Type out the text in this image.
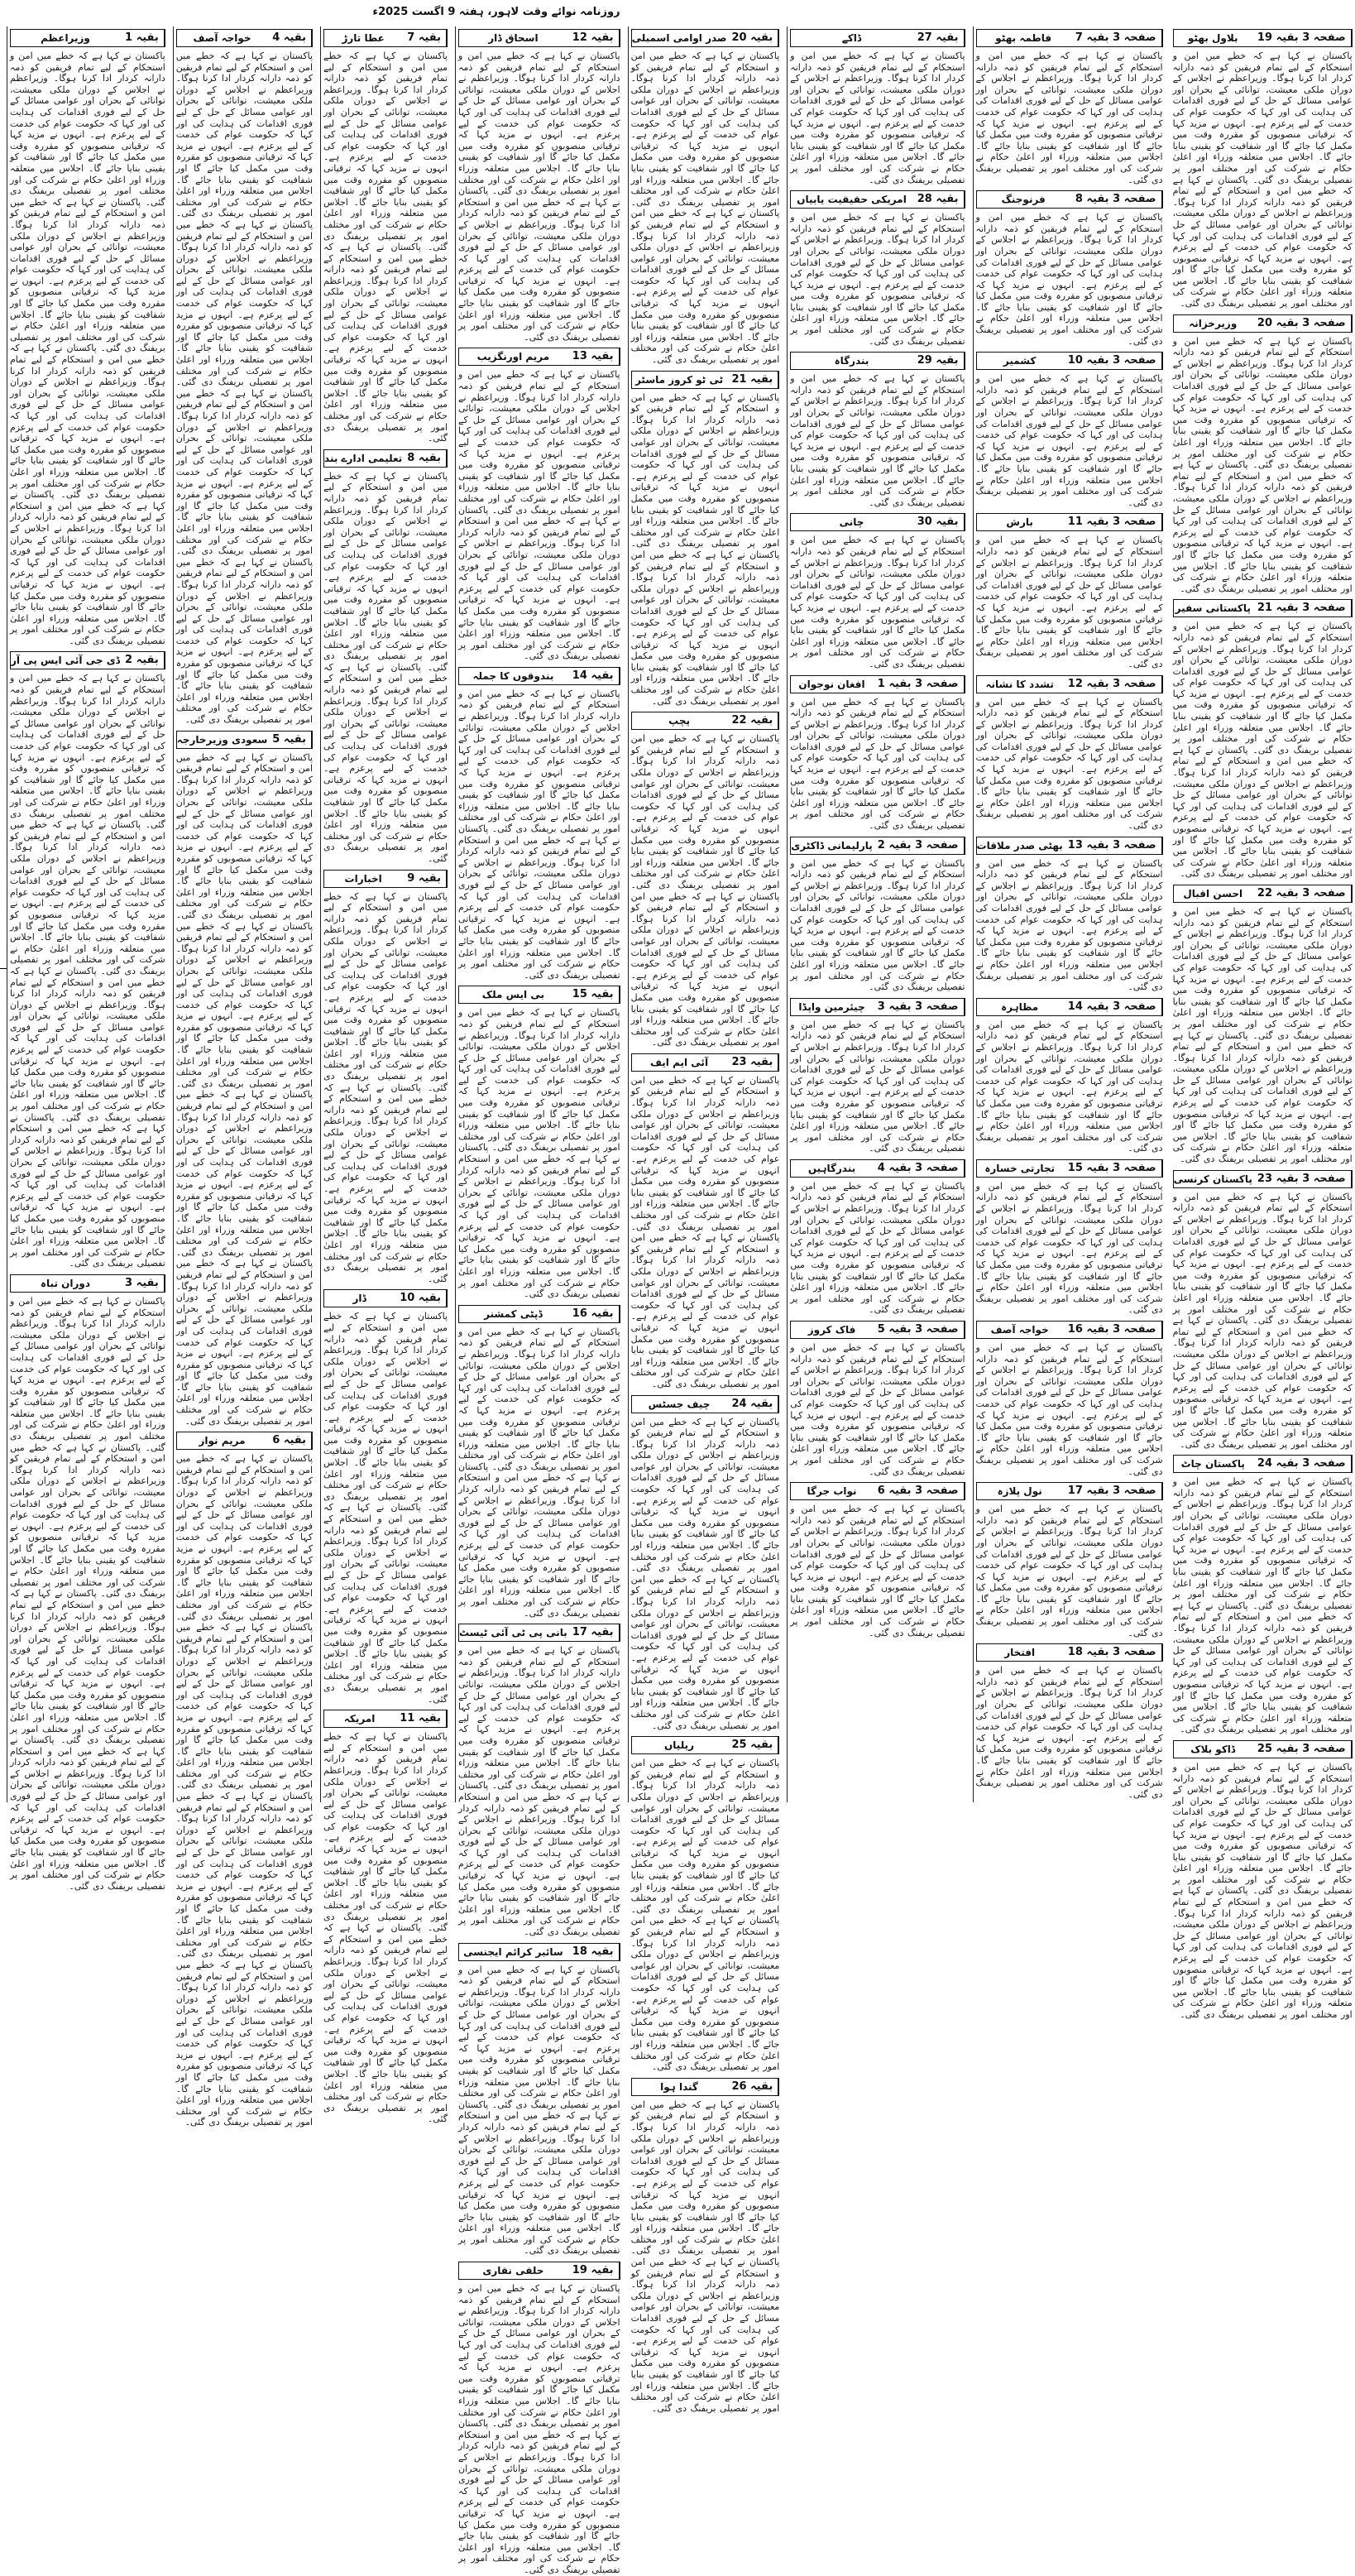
روزنامہ نوائے وقت لاہور، ہفتہ 9 اگست 2025ء
بقیہ 1
وزیراعظم
پاکستان نے کہا ہے کہ خطے میں امن و استحکام کے لیے تمام فریقین کو ذمہ دارانہ کردار ادا کرنا ہوگا۔ وزیراعظم نے اجلاس کے دوران ملکی معیشت، توانائی کے بحران اور عوامی مسائل کے حل کے لیے فوری اقدامات کی ہدایت کی اور کہا کہ حکومت عوام کی خدمت کے لیے پرعزم ہے۔ انہوں نے مزید کہا کہ ترقیاتی منصوبوں کو مقررہ وقت میں مکمل کیا جائے گا اور شفافیت کو یقینی بنایا جائے گا۔ اجلاس میں متعلقہ وزراء اور اعلیٰ حکام نے شرکت کی اور مختلف امور پر تفصیلی بریفنگ دی گئی۔ پاکستان نے کہا ہے کہ خطے میں امن و استحکام کے لیے تمام فریقین کو ذمہ دارانہ کردار ادا کرنا ہوگا۔ وزیراعظم نے اجلاس کے دوران ملکی معیشت، توانائی کے بحران اور عوامی مسائل کے حل کے لیے فوری اقدامات کی ہدایت کی اور کہا کہ حکومت عوام کی خدمت کے لیے پرعزم ہے۔ انہوں نے مزید کہا کہ ترقیاتی منصوبوں کو مقررہ وقت میں مکمل کیا جائے گا اور شفافیت کو یقینی بنایا جائے گا۔ اجلاس میں متعلقہ وزراء اور اعلیٰ حکام نے شرکت کی اور مختلف امور پر تفصیلی بریفنگ دی گئی۔ پاکستان نے کہا ہے کہ خطے میں امن و استحکام کے لیے تمام فریقین کو ذمہ دارانہ کردار ادا کرنا ہوگا۔ وزیراعظم نے اجلاس کے دوران ملکی معیشت، توانائی کے بحران اور عوامی مسائل کے حل کے لیے فوری اقدامات کی ہدایت کی اور کہا کہ حکومت عوام کی خدمت کے لیے پرعزم ہے۔ انہوں نے مزید کہا کہ ترقیاتی منصوبوں کو مقررہ وقت میں مکمل کیا جائے گا اور شفافیت کو یقینی بنایا جائے گا۔ اجلاس میں متعلقہ وزراء اور اعلیٰ حکام نے شرکت کی اور مختلف امور پر تفصیلی بریفنگ دی گئی۔ پاکستان نے کہا ہے کہ خطے میں امن و استحکام کے لیے تمام فریقین کو ذمہ دارانہ کردار ادا کرنا ہوگا۔ وزیراعظم نے اجلاس کے دوران ملکی معیشت، توانائی کے بحران اور عوامی مسائل کے حل کے لیے فوری اقدامات کی ہدایت کی اور کہا کہ حکومت عوام کی خدمت کے لیے پرعزم ہے۔ انہوں نے مزید کہا کہ ترقیاتی منصوبوں کو مقررہ وقت میں مکمل کیا جائے گا اور شفافیت کو یقینی بنایا جائے گا۔ اجلاس میں متعلقہ وزراء اور اعلیٰ حکام نے شرکت کی اور مختلف امور پر تفصیلی بریفنگ دی گئی۔
بقیہ 2
ڈی جی آئی ایس پی آر
پاکستان نے کہا ہے کہ خطے میں امن و استحکام کے لیے تمام فریقین کو ذمہ دارانہ کردار ادا کرنا ہوگا۔ وزیراعظم نے اجلاس کے دوران ملکی معیشت، توانائی کے بحران اور عوامی مسائل کے حل کے لیے فوری اقدامات کی ہدایت کی اور کہا کہ حکومت عوام کی خدمت کے لیے پرعزم ہے۔ انہوں نے مزید کہا کہ ترقیاتی منصوبوں کو مقررہ وقت میں مکمل کیا جائے گا اور شفافیت کو یقینی بنایا جائے گا۔ اجلاس میں متعلقہ وزراء اور اعلیٰ حکام نے شرکت کی اور مختلف امور پر تفصیلی بریفنگ دی گئی۔ پاکستان نے کہا ہے کہ خطے میں امن و استحکام کے لیے تمام فریقین کو ذمہ دارانہ کردار ادا کرنا ہوگا۔ وزیراعظم نے اجلاس کے دوران ملکی معیشت، توانائی کے بحران اور عوامی مسائل کے حل کے لیے فوری اقدامات کی ہدایت کی اور کہا کہ حکومت عوام کی خدمت کے لیے پرعزم ہے۔ انہوں نے مزید کہا کہ ترقیاتی منصوبوں کو مقررہ وقت میں مکمل کیا جائے گا اور شفافیت کو یقینی بنایا جائے گا۔ اجلاس میں متعلقہ وزراء اور اعلیٰ حکام نے شرکت کی اور مختلف امور پر تفصیلی بریفنگ دی گئی۔ پاکستان نے کہا ہے کہ خطے میں امن و استحکام کے لیے تمام فریقین کو ذمہ دارانہ کردار ادا کرنا ہوگا۔ وزیراعظم نے اجلاس کے دوران ملکی معیشت، توانائی کے بحران اور عوامی مسائل کے حل کے لیے فوری اقدامات کی ہدایت کی اور کہا کہ حکومت عوام کی خدمت کے لیے پرعزم ہے۔ انہوں نے مزید کہا کہ ترقیاتی منصوبوں کو مقررہ وقت میں مکمل کیا جائے گا اور شفافیت کو یقینی بنایا جائے گا۔ اجلاس میں متعلقہ وزراء اور اعلیٰ حکام نے شرکت کی اور مختلف امور پر تفصیلی بریفنگ دی گئی۔ پاکستان نے کہا ہے کہ خطے میں امن و استحکام کے لیے تمام فریقین کو ذمہ دارانہ کردار ادا کرنا ہوگا۔ وزیراعظم نے اجلاس کے دوران ملکی معیشت، توانائی کے بحران اور عوامی مسائل کے حل کے لیے فوری اقدامات کی ہدایت کی اور کہا کہ حکومت عوام کی خدمت کے لیے پرعزم ہے۔ انہوں نے مزید کہا کہ ترقیاتی منصوبوں کو مقررہ وقت میں مکمل کیا جائے گا اور شفافیت کو یقینی بنایا جائے گا۔ اجلاس میں متعلقہ وزراء اور اعلیٰ حکام نے شرکت کی اور مختلف امور پر تفصیلی بریفنگ دی گئی۔
بقیہ 3
دوران تباہ
پاکستان نے کہا ہے کہ خطے میں امن و استحکام کے لیے تمام فریقین کو ذمہ دارانہ کردار ادا کرنا ہوگا۔ وزیراعظم نے اجلاس کے دوران ملکی معیشت، توانائی کے بحران اور عوامی مسائل کے حل کے لیے فوری اقدامات کی ہدایت کی اور کہا کہ حکومت عوام کی خدمت کے لیے پرعزم ہے۔ انہوں نے مزید کہا کہ ترقیاتی منصوبوں کو مقررہ وقت میں مکمل کیا جائے گا اور شفافیت کو یقینی بنایا جائے گا۔ اجلاس میں متعلقہ وزراء اور اعلیٰ حکام نے شرکت کی اور مختلف امور پر تفصیلی بریفنگ دی گئی۔ پاکستان نے کہا ہے کہ خطے میں امن و استحکام کے لیے تمام فریقین کو ذمہ دارانہ کردار ادا کرنا ہوگا۔ وزیراعظم نے اجلاس کے دوران ملکی معیشت، توانائی کے بحران اور عوامی مسائل کے حل کے لیے فوری اقدامات کی ہدایت کی اور کہا کہ حکومت عوام کی خدمت کے لیے پرعزم ہے۔ انہوں نے مزید کہا کہ ترقیاتی منصوبوں کو مقررہ وقت میں مکمل کیا جائے گا اور شفافیت کو یقینی بنایا جائے گا۔ اجلاس میں متعلقہ وزراء اور اعلیٰ حکام نے شرکت کی اور مختلف امور پر تفصیلی بریفنگ دی گئی۔ پاکستان نے کہا ہے کہ خطے میں امن و استحکام کے لیے تمام فریقین کو ذمہ دارانہ کردار ادا کرنا ہوگا۔ وزیراعظم نے اجلاس کے دوران ملکی معیشت، توانائی کے بحران اور عوامی مسائل کے حل کے لیے فوری اقدامات کی ہدایت کی اور کہا کہ حکومت عوام کی خدمت کے لیے پرعزم ہے۔ انہوں نے مزید کہا کہ ترقیاتی منصوبوں کو مقررہ وقت میں مکمل کیا جائے گا اور شفافیت کو یقینی بنایا جائے گا۔ اجلاس میں متعلقہ وزراء اور اعلیٰ حکام نے شرکت کی اور مختلف امور پر تفصیلی بریفنگ دی گئی۔ پاکستان نے کہا ہے کہ خطے میں امن و استحکام کے لیے تمام فریقین کو ذمہ دارانہ کردار ادا کرنا ہوگا۔ وزیراعظم نے اجلاس کے دوران ملکی معیشت، توانائی کے بحران اور عوامی مسائل کے حل کے لیے فوری اقدامات کی ہدایت کی اور کہا کہ حکومت عوام کی خدمت کے لیے پرعزم ہے۔ انہوں نے مزید کہا کہ ترقیاتی منصوبوں کو مقررہ وقت میں مکمل کیا جائے گا اور شفافیت کو یقینی بنایا جائے گا۔ اجلاس میں متعلقہ وزراء اور اعلیٰ حکام نے شرکت کی اور مختلف امور پر تفصیلی بریفنگ دی گئی۔
بقیہ 4
خواجہ آصف
پاکستان نے کہا ہے کہ خطے میں امن و استحکام کے لیے تمام فریقین کو ذمہ دارانہ کردار ادا کرنا ہوگا۔ وزیراعظم نے اجلاس کے دوران ملکی معیشت، توانائی کے بحران اور عوامی مسائل کے حل کے لیے فوری اقدامات کی ہدایت کی اور کہا کہ حکومت عوام کی خدمت کے لیے پرعزم ہے۔ انہوں نے مزید کہا کہ ترقیاتی منصوبوں کو مقررہ وقت میں مکمل کیا جائے گا اور شفافیت کو یقینی بنایا جائے گا۔ اجلاس میں متعلقہ وزراء اور اعلیٰ حکام نے شرکت کی اور مختلف امور پر تفصیلی بریفنگ دی گئی۔ پاکستان نے کہا ہے کہ خطے میں امن و استحکام کے لیے تمام فریقین کو ذمہ دارانہ کردار ادا کرنا ہوگا۔ وزیراعظم نے اجلاس کے دوران ملکی معیشت، توانائی کے بحران اور عوامی مسائل کے حل کے لیے فوری اقدامات کی ہدایت کی اور کہا کہ حکومت عوام کی خدمت کے لیے پرعزم ہے۔ انہوں نے مزید کہا کہ ترقیاتی منصوبوں کو مقررہ وقت میں مکمل کیا جائے گا اور شفافیت کو یقینی بنایا جائے گا۔ اجلاس میں متعلقہ وزراء اور اعلیٰ حکام نے شرکت کی اور مختلف امور پر تفصیلی بریفنگ دی گئی۔ پاکستان نے کہا ہے کہ خطے میں امن و استحکام کے لیے تمام فریقین کو ذمہ دارانہ کردار ادا کرنا ہوگا۔ وزیراعظم نے اجلاس کے دوران ملکی معیشت، توانائی کے بحران اور عوامی مسائل کے حل کے لیے فوری اقدامات کی ہدایت کی اور کہا کہ حکومت عوام کی خدمت کے لیے پرعزم ہے۔ انہوں نے مزید کہا کہ ترقیاتی منصوبوں کو مقررہ وقت میں مکمل کیا جائے گا اور شفافیت کو یقینی بنایا جائے گا۔ اجلاس میں متعلقہ وزراء اور اعلیٰ حکام نے شرکت کی اور مختلف امور پر تفصیلی بریفنگ دی گئی۔ پاکستان نے کہا ہے کہ خطے میں امن و استحکام کے لیے تمام فریقین کو ذمہ دارانہ کردار ادا کرنا ہوگا۔ وزیراعظم نے اجلاس کے دوران ملکی معیشت، توانائی کے بحران اور عوامی مسائل کے حل کے لیے فوری اقدامات کی ہدایت کی اور کہا کہ حکومت عوام کی خدمت کے لیے پرعزم ہے۔ انہوں نے مزید کہا کہ ترقیاتی منصوبوں کو مقررہ وقت میں مکمل کیا جائے گا اور شفافیت کو یقینی بنایا جائے گا۔ اجلاس میں متعلقہ وزراء اور اعلیٰ حکام نے شرکت کی اور مختلف امور پر تفصیلی بریفنگ دی گئی۔
بقیہ 5
سعودی وزیرخارجہ
پاکستان نے کہا ہے کہ خطے میں امن و استحکام کے لیے تمام فریقین کو ذمہ دارانہ کردار ادا کرنا ہوگا۔ وزیراعظم نے اجلاس کے دوران ملکی معیشت، توانائی کے بحران اور عوامی مسائل کے حل کے لیے فوری اقدامات کی ہدایت کی اور کہا کہ حکومت عوام کی خدمت کے لیے پرعزم ہے۔ انہوں نے مزید کہا کہ ترقیاتی منصوبوں کو مقررہ وقت میں مکمل کیا جائے گا اور شفافیت کو یقینی بنایا جائے گا۔ اجلاس میں متعلقہ وزراء اور اعلیٰ حکام نے شرکت کی اور مختلف امور پر تفصیلی بریفنگ دی گئی۔ پاکستان نے کہا ہے کہ خطے میں امن و استحکام کے لیے تمام فریقین کو ذمہ دارانہ کردار ادا کرنا ہوگا۔ وزیراعظم نے اجلاس کے دوران ملکی معیشت، توانائی کے بحران اور عوامی مسائل کے حل کے لیے فوری اقدامات کی ہدایت کی اور کہا کہ حکومت عوام کی خدمت کے لیے پرعزم ہے۔ انہوں نے مزید کہا کہ ترقیاتی منصوبوں کو مقررہ وقت میں مکمل کیا جائے گا اور شفافیت کو یقینی بنایا جائے گا۔ اجلاس میں متعلقہ وزراء اور اعلیٰ حکام نے شرکت کی اور مختلف امور پر تفصیلی بریفنگ دی گئی۔ پاکستان نے کہا ہے کہ خطے میں امن و استحکام کے لیے تمام فریقین کو ذمہ دارانہ کردار ادا کرنا ہوگا۔ وزیراعظم نے اجلاس کے دوران ملکی معیشت، توانائی کے بحران اور عوامی مسائل کے حل کے لیے فوری اقدامات کی ہدایت کی اور کہا کہ حکومت عوام کی خدمت کے لیے پرعزم ہے۔ انہوں نے مزید کہا کہ ترقیاتی منصوبوں کو مقررہ وقت میں مکمل کیا جائے گا اور شفافیت کو یقینی بنایا جائے گا۔ اجلاس میں متعلقہ وزراء اور اعلیٰ حکام نے شرکت کی اور مختلف امور پر تفصیلی بریفنگ دی گئی۔ پاکستان نے کہا ہے کہ خطے میں امن و استحکام کے لیے تمام فریقین کو ذمہ دارانہ کردار ادا کرنا ہوگا۔ وزیراعظم نے اجلاس کے دوران ملکی معیشت، توانائی کے بحران اور عوامی مسائل کے حل کے لیے فوری اقدامات کی ہدایت کی اور کہا کہ حکومت عوام کی خدمت کے لیے پرعزم ہے۔ انہوں نے مزید کہا کہ ترقیاتی منصوبوں کو مقررہ وقت میں مکمل کیا جائے گا اور شفافیت کو یقینی بنایا جائے گا۔ اجلاس میں متعلقہ وزراء اور اعلیٰ حکام نے شرکت کی اور مختلف امور پر تفصیلی بریفنگ دی گئی۔
بقیہ 6
مریم نواز
پاکستان نے کہا ہے کہ خطے میں امن و استحکام کے لیے تمام فریقین کو ذمہ دارانہ کردار ادا کرنا ہوگا۔ وزیراعظم نے اجلاس کے دوران ملکی معیشت، توانائی کے بحران اور عوامی مسائل کے حل کے لیے فوری اقدامات کی ہدایت کی اور کہا کہ حکومت عوام کی خدمت کے لیے پرعزم ہے۔ انہوں نے مزید کہا کہ ترقیاتی منصوبوں کو مقررہ وقت میں مکمل کیا جائے گا اور شفافیت کو یقینی بنایا جائے گا۔ اجلاس میں متعلقہ وزراء اور اعلیٰ حکام نے شرکت کی اور مختلف امور پر تفصیلی بریفنگ دی گئی۔ پاکستان نے کہا ہے کہ خطے میں امن و استحکام کے لیے تمام فریقین کو ذمہ دارانہ کردار ادا کرنا ہوگا۔ وزیراعظم نے اجلاس کے دوران ملکی معیشت، توانائی کے بحران اور عوامی مسائل کے حل کے لیے فوری اقدامات کی ہدایت کی اور کہا کہ حکومت عوام کی خدمت کے لیے پرعزم ہے۔ انہوں نے مزید کہا کہ ترقیاتی منصوبوں کو مقررہ وقت میں مکمل کیا جائے گا اور شفافیت کو یقینی بنایا جائے گا۔ اجلاس میں متعلقہ وزراء اور اعلیٰ حکام نے شرکت کی اور مختلف امور پر تفصیلی بریفنگ دی گئی۔ پاکستان نے کہا ہے کہ خطے میں امن و استحکام کے لیے تمام فریقین کو ذمہ دارانہ کردار ادا کرنا ہوگا۔ وزیراعظم نے اجلاس کے دوران ملکی معیشت، توانائی کے بحران اور عوامی مسائل کے حل کے لیے فوری اقدامات کی ہدایت کی اور کہا کہ حکومت عوام کی خدمت کے لیے پرعزم ہے۔ انہوں نے مزید کہا کہ ترقیاتی منصوبوں کو مقررہ وقت میں مکمل کیا جائے گا اور شفافیت کو یقینی بنایا جائے گا۔ اجلاس میں متعلقہ وزراء اور اعلیٰ حکام نے شرکت کی اور مختلف امور پر تفصیلی بریفنگ دی گئی۔ پاکستان نے کہا ہے کہ خطے میں امن و استحکام کے لیے تمام فریقین کو ذمہ دارانہ کردار ادا کرنا ہوگا۔ وزیراعظم نے اجلاس کے دوران ملکی معیشت، توانائی کے بحران اور عوامی مسائل کے حل کے لیے فوری اقدامات کی ہدایت کی اور کہا کہ حکومت عوام کی خدمت کے لیے پرعزم ہے۔ انہوں نے مزید کہا کہ ترقیاتی منصوبوں کو مقررہ وقت میں مکمل کیا جائے گا اور شفافیت کو یقینی بنایا جائے گا۔ اجلاس میں متعلقہ وزراء اور اعلیٰ حکام نے شرکت کی اور مختلف امور پر تفصیلی بریفنگ دی گئی۔
بقیہ 7
عطا تارڑ
پاکستان نے کہا ہے کہ خطے میں امن و استحکام کے لیے تمام فریقین کو ذمہ دارانہ کردار ادا کرنا ہوگا۔ وزیراعظم نے اجلاس کے دوران ملکی معیشت، توانائی کے بحران اور عوامی مسائل کے حل کے لیے فوری اقدامات کی ہدایت کی اور کہا کہ حکومت عوام کی خدمت کے لیے پرعزم ہے۔ انہوں نے مزید کہا کہ ترقیاتی منصوبوں کو مقررہ وقت میں مکمل کیا جائے گا اور شفافیت کو یقینی بنایا جائے گا۔ اجلاس میں متعلقہ وزراء اور اعلیٰ حکام نے شرکت کی اور مختلف امور پر تفصیلی بریفنگ دی گئی۔ پاکستان نے کہا ہے کہ خطے میں امن و استحکام کے لیے تمام فریقین کو ذمہ دارانہ کردار ادا کرنا ہوگا۔ وزیراعظم نے اجلاس کے دوران ملکی معیشت، توانائی کے بحران اور عوامی مسائل کے حل کے لیے فوری اقدامات کی ہدایت کی اور کہا کہ حکومت عوام کی خدمت کے لیے پرعزم ہے۔ انہوں نے مزید کہا کہ ترقیاتی منصوبوں کو مقررہ وقت میں مکمل کیا جائے گا اور شفافیت کو یقینی بنایا جائے گا۔ اجلاس میں متعلقہ وزراء اور اعلیٰ حکام نے شرکت کی اور مختلف امور پر تفصیلی بریفنگ دی گئی۔
بقیہ 8
تعلیمی ادارے بند
پاکستان نے کہا ہے کہ خطے میں امن و استحکام کے لیے تمام فریقین کو ذمہ دارانہ کردار ادا کرنا ہوگا۔ وزیراعظم نے اجلاس کے دوران ملکی معیشت، توانائی کے بحران اور عوامی مسائل کے حل کے لیے فوری اقدامات کی ہدایت کی اور کہا کہ حکومت عوام کی خدمت کے لیے پرعزم ہے۔ انہوں نے مزید کہا کہ ترقیاتی منصوبوں کو مقررہ وقت میں مکمل کیا جائے گا اور شفافیت کو یقینی بنایا جائے گا۔ اجلاس میں متعلقہ وزراء اور اعلیٰ حکام نے شرکت کی اور مختلف امور پر تفصیلی بریفنگ دی گئی۔ پاکستان نے کہا ہے کہ خطے میں امن و استحکام کے لیے تمام فریقین کو ذمہ دارانہ کردار ادا کرنا ہوگا۔ وزیراعظم نے اجلاس کے دوران ملکی معیشت، توانائی کے بحران اور عوامی مسائل کے حل کے لیے فوری اقدامات کی ہدایت کی اور کہا کہ حکومت عوام کی خدمت کے لیے پرعزم ہے۔ انہوں نے مزید کہا کہ ترقیاتی منصوبوں کو مقررہ وقت میں مکمل کیا جائے گا اور شفافیت کو یقینی بنایا جائے گا۔ اجلاس میں متعلقہ وزراء اور اعلیٰ حکام نے شرکت کی اور مختلف امور پر تفصیلی بریفنگ دی گئی۔
بقیہ 9
اخبارات
پاکستان نے کہا ہے کہ خطے میں امن و استحکام کے لیے تمام فریقین کو ذمہ دارانہ کردار ادا کرنا ہوگا۔ وزیراعظم نے اجلاس کے دوران ملکی معیشت، توانائی کے بحران اور عوامی مسائل کے حل کے لیے فوری اقدامات کی ہدایت کی اور کہا کہ حکومت عوام کی خدمت کے لیے پرعزم ہے۔ انہوں نے مزید کہا کہ ترقیاتی منصوبوں کو مقررہ وقت میں مکمل کیا جائے گا اور شفافیت کو یقینی بنایا جائے گا۔ اجلاس میں متعلقہ وزراء اور اعلیٰ حکام نے شرکت کی اور مختلف امور پر تفصیلی بریفنگ دی گئی۔ پاکستان نے کہا ہے کہ خطے میں امن و استحکام کے لیے تمام فریقین کو ذمہ دارانہ کردار ادا کرنا ہوگا۔ وزیراعظم نے اجلاس کے دوران ملکی معیشت، توانائی کے بحران اور عوامی مسائل کے حل کے لیے فوری اقدامات کی ہدایت کی اور کہا کہ حکومت عوام کی خدمت کے لیے پرعزم ہے۔ انہوں نے مزید کہا کہ ترقیاتی منصوبوں کو مقررہ وقت میں مکمل کیا جائے گا اور شفافیت کو یقینی بنایا جائے گا۔ اجلاس میں متعلقہ وزراء اور اعلیٰ حکام نے شرکت کی اور مختلف امور پر تفصیلی بریفنگ دی گئی۔
بقیہ 10
ڈار
پاکستان نے کہا ہے کہ خطے میں امن و استحکام کے لیے تمام فریقین کو ذمہ دارانہ کردار ادا کرنا ہوگا۔ وزیراعظم نے اجلاس کے دوران ملکی معیشت، توانائی کے بحران اور عوامی مسائل کے حل کے لیے فوری اقدامات کی ہدایت کی اور کہا کہ حکومت عوام کی خدمت کے لیے پرعزم ہے۔ انہوں نے مزید کہا کہ ترقیاتی منصوبوں کو مقررہ وقت میں مکمل کیا جائے گا اور شفافیت کو یقینی بنایا جائے گا۔ اجلاس میں متعلقہ وزراء اور اعلیٰ حکام نے شرکت کی اور مختلف امور پر تفصیلی بریفنگ دی گئی۔ پاکستان نے کہا ہے کہ خطے میں امن و استحکام کے لیے تمام فریقین کو ذمہ دارانہ کردار ادا کرنا ہوگا۔ وزیراعظم نے اجلاس کے دوران ملکی معیشت، توانائی کے بحران اور عوامی مسائل کے حل کے لیے فوری اقدامات کی ہدایت کی اور کہا کہ حکومت عوام کی خدمت کے لیے پرعزم ہے۔ انہوں نے مزید کہا کہ ترقیاتی منصوبوں کو مقررہ وقت میں مکمل کیا جائے گا اور شفافیت کو یقینی بنایا جائے گا۔ اجلاس میں متعلقہ وزراء اور اعلیٰ حکام نے شرکت کی اور مختلف امور پر تفصیلی بریفنگ دی گئی۔
بقیہ 11
امریکہ
پاکستان نے کہا ہے کہ خطے میں امن و استحکام کے لیے تمام فریقین کو ذمہ دارانہ کردار ادا کرنا ہوگا۔ وزیراعظم نے اجلاس کے دوران ملکی معیشت، توانائی کے بحران اور عوامی مسائل کے حل کے لیے فوری اقدامات کی ہدایت کی اور کہا کہ حکومت عوام کی خدمت کے لیے پرعزم ہے۔ انہوں نے مزید کہا کہ ترقیاتی منصوبوں کو مقررہ وقت میں مکمل کیا جائے گا اور شفافیت کو یقینی بنایا جائے گا۔ اجلاس میں متعلقہ وزراء اور اعلیٰ حکام نے شرکت کی اور مختلف امور پر تفصیلی بریفنگ دی گئی۔ پاکستان نے کہا ہے کہ خطے میں امن و استحکام کے لیے تمام فریقین کو ذمہ دارانہ کردار ادا کرنا ہوگا۔ وزیراعظم نے اجلاس کے دوران ملکی معیشت، توانائی کے بحران اور عوامی مسائل کے حل کے لیے فوری اقدامات کی ہدایت کی اور کہا کہ حکومت عوام کی خدمت کے لیے پرعزم ہے۔ انہوں نے مزید کہا کہ ترقیاتی منصوبوں کو مقررہ وقت میں مکمل کیا جائے گا اور شفافیت کو یقینی بنایا جائے گا۔ اجلاس میں متعلقہ وزراء اور اعلیٰ حکام نے شرکت کی اور مختلف امور پر تفصیلی بریفنگ دی گئی۔
بقیہ 12
اسحاق ڈار
پاکستان نے کہا ہے کہ خطے میں امن و استحکام کے لیے تمام فریقین کو ذمہ دارانہ کردار ادا کرنا ہوگا۔ وزیراعظم نے اجلاس کے دوران ملکی معیشت، توانائی کے بحران اور عوامی مسائل کے حل کے لیے فوری اقدامات کی ہدایت کی اور کہا کہ حکومت عوام کی خدمت کے لیے پرعزم ہے۔ انہوں نے مزید کہا کہ ترقیاتی منصوبوں کو مقررہ وقت میں مکمل کیا جائے گا اور شفافیت کو یقینی بنایا جائے گا۔ اجلاس میں متعلقہ وزراء اور اعلیٰ حکام نے شرکت کی اور مختلف امور پر تفصیلی بریفنگ دی گئی۔ پاکستان نے کہا ہے کہ خطے میں امن و استحکام کے لیے تمام فریقین کو ذمہ دارانہ کردار ادا کرنا ہوگا۔ وزیراعظم نے اجلاس کے دوران ملکی معیشت، توانائی کے بحران اور عوامی مسائل کے حل کے لیے فوری اقدامات کی ہدایت کی اور کہا کہ حکومت عوام کی خدمت کے لیے پرعزم ہے۔ انہوں نے مزید کہا کہ ترقیاتی منصوبوں کو مقررہ وقت میں مکمل کیا جائے گا اور شفافیت کو یقینی بنایا جائے گا۔ اجلاس میں متعلقہ وزراء اور اعلیٰ حکام نے شرکت کی اور مختلف امور پر تفصیلی بریفنگ دی گئی۔
بقیہ 13
مریم اورنگزیب
پاکستان نے کہا ہے کہ خطے میں امن و استحکام کے لیے تمام فریقین کو ذمہ دارانہ کردار ادا کرنا ہوگا۔ وزیراعظم نے اجلاس کے دوران ملکی معیشت، توانائی کے بحران اور عوامی مسائل کے حل کے لیے فوری اقدامات کی ہدایت کی اور کہا کہ حکومت عوام کی خدمت کے لیے پرعزم ہے۔ انہوں نے مزید کہا کہ ترقیاتی منصوبوں کو مقررہ وقت میں مکمل کیا جائے گا اور شفافیت کو یقینی بنایا جائے گا۔ اجلاس میں متعلقہ وزراء اور اعلیٰ حکام نے شرکت کی اور مختلف امور پر تفصیلی بریفنگ دی گئی۔ پاکستان نے کہا ہے کہ خطے میں امن و استحکام کے لیے تمام فریقین کو ذمہ دارانہ کردار ادا کرنا ہوگا۔ وزیراعظم نے اجلاس کے دوران ملکی معیشت، توانائی کے بحران اور عوامی مسائل کے حل کے لیے فوری اقدامات کی ہدایت کی اور کہا کہ حکومت عوام کی خدمت کے لیے پرعزم ہے۔ انہوں نے مزید کہا کہ ترقیاتی منصوبوں کو مقررہ وقت میں مکمل کیا جائے گا اور شفافیت کو یقینی بنایا جائے گا۔ اجلاس میں متعلقہ وزراء اور اعلیٰ حکام نے شرکت کی اور مختلف امور پر تفصیلی بریفنگ دی گئی۔
بقیہ 14
بندوقوں کا جملہ
پاکستان نے کہا ہے کہ خطے میں امن و استحکام کے لیے تمام فریقین کو ذمہ دارانہ کردار ادا کرنا ہوگا۔ وزیراعظم نے اجلاس کے دوران ملکی معیشت، توانائی کے بحران اور عوامی مسائل کے حل کے لیے فوری اقدامات کی ہدایت کی اور کہا کہ حکومت عوام کی خدمت کے لیے پرعزم ہے۔ انہوں نے مزید کہا کہ ترقیاتی منصوبوں کو مقررہ وقت میں مکمل کیا جائے گا اور شفافیت کو یقینی بنایا جائے گا۔ اجلاس میں متعلقہ وزراء اور اعلیٰ حکام نے شرکت کی اور مختلف امور پر تفصیلی بریفنگ دی گئی۔ پاکستان نے کہا ہے کہ خطے میں امن و استحکام کے لیے تمام فریقین کو ذمہ دارانہ کردار ادا کرنا ہوگا۔ وزیراعظم نے اجلاس کے دوران ملکی معیشت، توانائی کے بحران اور عوامی مسائل کے حل کے لیے فوری اقدامات کی ہدایت کی اور کہا کہ حکومت عوام کی خدمت کے لیے پرعزم ہے۔ انہوں نے مزید کہا کہ ترقیاتی منصوبوں کو مقررہ وقت میں مکمل کیا جائے گا اور شفافیت کو یقینی بنایا جائے گا۔ اجلاس میں متعلقہ وزراء اور اعلیٰ حکام نے شرکت کی اور مختلف امور پر تفصیلی بریفنگ دی گئی۔
بقیہ 15
بی ایس ملک
پاکستان نے کہا ہے کہ خطے میں امن و استحکام کے لیے تمام فریقین کو ذمہ دارانہ کردار ادا کرنا ہوگا۔ وزیراعظم نے اجلاس کے دوران ملکی معیشت، توانائی کے بحران اور عوامی مسائل کے حل کے لیے فوری اقدامات کی ہدایت کی اور کہا کہ حکومت عوام کی خدمت کے لیے پرعزم ہے۔ انہوں نے مزید کہا کہ ترقیاتی منصوبوں کو مقررہ وقت میں مکمل کیا جائے گا اور شفافیت کو یقینی بنایا جائے گا۔ اجلاس میں متعلقہ وزراء اور اعلیٰ حکام نے شرکت کی اور مختلف امور پر تفصیلی بریفنگ دی گئی۔ پاکستان نے کہا ہے کہ خطے میں امن و استحکام کے لیے تمام فریقین کو ذمہ دارانہ کردار ادا کرنا ہوگا۔ وزیراعظم نے اجلاس کے دوران ملکی معیشت، توانائی کے بحران اور عوامی مسائل کے حل کے لیے فوری اقدامات کی ہدایت کی اور کہا کہ حکومت عوام کی خدمت کے لیے پرعزم ہے۔ انہوں نے مزید کہا کہ ترقیاتی منصوبوں کو مقررہ وقت میں مکمل کیا جائے گا اور شفافیت کو یقینی بنایا جائے گا۔ اجلاس میں متعلقہ وزراء اور اعلیٰ حکام نے شرکت کی اور مختلف امور پر تفصیلی بریفنگ دی گئی۔
بقیہ 16
ڈپٹی کمشنر
پاکستان نے کہا ہے کہ خطے میں امن و استحکام کے لیے تمام فریقین کو ذمہ دارانہ کردار ادا کرنا ہوگا۔ وزیراعظم نے اجلاس کے دوران ملکی معیشت، توانائی کے بحران اور عوامی مسائل کے حل کے لیے فوری اقدامات کی ہدایت کی اور کہا کہ حکومت عوام کی خدمت کے لیے پرعزم ہے۔ انہوں نے مزید کہا کہ ترقیاتی منصوبوں کو مقررہ وقت میں مکمل کیا جائے گا اور شفافیت کو یقینی بنایا جائے گا۔ اجلاس میں متعلقہ وزراء اور اعلیٰ حکام نے شرکت کی اور مختلف امور پر تفصیلی بریفنگ دی گئی۔ پاکستان نے کہا ہے کہ خطے میں امن و استحکام کے لیے تمام فریقین کو ذمہ دارانہ کردار ادا کرنا ہوگا۔ وزیراعظم نے اجلاس کے دوران ملکی معیشت، توانائی کے بحران اور عوامی مسائل کے حل کے لیے فوری اقدامات کی ہدایت کی اور کہا کہ حکومت عوام کی خدمت کے لیے پرعزم ہے۔ انہوں نے مزید کہا کہ ترقیاتی منصوبوں کو مقررہ وقت میں مکمل کیا جائے گا اور شفافیت کو یقینی بنایا جائے گا۔ اجلاس میں متعلقہ وزراء اور اعلیٰ حکام نے شرکت کی اور مختلف امور پر تفصیلی بریفنگ دی گئی۔
بقیہ 17
بانی پی ٹی آئی ٹیسٹ
پاکستان نے کہا ہے کہ خطے میں امن و استحکام کے لیے تمام فریقین کو ذمہ دارانہ کردار ادا کرنا ہوگا۔ وزیراعظم نے اجلاس کے دوران ملکی معیشت، توانائی کے بحران اور عوامی مسائل کے حل کے لیے فوری اقدامات کی ہدایت کی اور کہا کہ حکومت عوام کی خدمت کے لیے پرعزم ہے۔ انہوں نے مزید کہا کہ ترقیاتی منصوبوں کو مقررہ وقت میں مکمل کیا جائے گا اور شفافیت کو یقینی بنایا جائے گا۔ اجلاس میں متعلقہ وزراء اور اعلیٰ حکام نے شرکت کی اور مختلف امور پر تفصیلی بریفنگ دی گئی۔ پاکستان نے کہا ہے کہ خطے میں امن و استحکام کے لیے تمام فریقین کو ذمہ دارانہ کردار ادا کرنا ہوگا۔ وزیراعظم نے اجلاس کے دوران ملکی معیشت، توانائی کے بحران اور عوامی مسائل کے حل کے لیے فوری اقدامات کی ہدایت کی اور کہا کہ حکومت عوام کی خدمت کے لیے پرعزم ہے۔ انہوں نے مزید کہا کہ ترقیاتی منصوبوں کو مقررہ وقت میں مکمل کیا جائے گا اور شفافیت کو یقینی بنایا جائے گا۔ اجلاس میں متعلقہ وزراء اور اعلیٰ حکام نے شرکت کی اور مختلف امور پر تفصیلی بریفنگ دی گئی۔
بقیہ 18
سائبر کرائم ایجنسی
پاکستان نے کہا ہے کہ خطے میں امن و استحکام کے لیے تمام فریقین کو ذمہ دارانہ کردار ادا کرنا ہوگا۔ وزیراعظم نے اجلاس کے دوران ملکی معیشت، توانائی کے بحران اور عوامی مسائل کے حل کے لیے فوری اقدامات کی ہدایت کی اور کہا کہ حکومت عوام کی خدمت کے لیے پرعزم ہے۔ انہوں نے مزید کہا کہ ترقیاتی منصوبوں کو مقررہ وقت میں مکمل کیا جائے گا اور شفافیت کو یقینی بنایا جائے گا۔ اجلاس میں متعلقہ وزراء اور اعلیٰ حکام نے شرکت کی اور مختلف امور پر تفصیلی بریفنگ دی گئی۔ پاکستان نے کہا ہے کہ خطے میں امن و استحکام کے لیے تمام فریقین کو ذمہ دارانہ کردار ادا کرنا ہوگا۔ وزیراعظم نے اجلاس کے دوران ملکی معیشت، توانائی کے بحران اور عوامی مسائل کے حل کے لیے فوری اقدامات کی ہدایت کی اور کہا کہ حکومت عوام کی خدمت کے لیے پرعزم ہے۔ انہوں نے مزید کہا کہ ترقیاتی منصوبوں کو مقررہ وقت میں مکمل کیا جائے گا اور شفافیت کو یقینی بنایا جائے گا۔ اجلاس میں متعلقہ وزراء اور اعلیٰ حکام نے شرکت کی اور مختلف امور پر تفصیلی بریفنگ دی گئی۔
بقیہ 19
حلقی نقاری
پاکستان نے کہا ہے کہ خطے میں امن و استحکام کے لیے تمام فریقین کو ذمہ دارانہ کردار ادا کرنا ہوگا۔ وزیراعظم نے اجلاس کے دوران ملکی معیشت، توانائی کے بحران اور عوامی مسائل کے حل کے لیے فوری اقدامات کی ہدایت کی اور کہا کہ حکومت عوام کی خدمت کے لیے پرعزم ہے۔ انہوں نے مزید کہا کہ ترقیاتی منصوبوں کو مقررہ وقت میں مکمل کیا جائے گا اور شفافیت کو یقینی بنایا جائے گا۔ اجلاس میں متعلقہ وزراء اور اعلیٰ حکام نے شرکت کی اور مختلف امور پر تفصیلی بریفنگ دی گئی۔ پاکستان نے کہا ہے کہ خطے میں امن و استحکام کے لیے تمام فریقین کو ذمہ دارانہ کردار ادا کرنا ہوگا۔ وزیراعظم نے اجلاس کے دوران ملکی معیشت، توانائی کے بحران اور عوامی مسائل کے حل کے لیے فوری اقدامات کی ہدایت کی اور کہا کہ حکومت عوام کی خدمت کے لیے پرعزم ہے۔ انہوں نے مزید کہا کہ ترقیاتی منصوبوں کو مقررہ وقت میں مکمل کیا جائے گا اور شفافیت کو یقینی بنایا جائے گا۔ اجلاس میں متعلقہ وزراء اور اعلیٰ حکام نے شرکت کی اور مختلف امور پر تفصیلی بریفنگ دی گئی۔
بقیہ 20
صدر اوامی اسمبلی
پاکستان نے کہا ہے کہ خطے میں امن و استحکام کے لیے تمام فریقین کو ذمہ دارانہ کردار ادا کرنا ہوگا۔ وزیراعظم نے اجلاس کے دوران ملکی معیشت، توانائی کے بحران اور عوامی مسائل کے حل کے لیے فوری اقدامات کی ہدایت کی اور کہا کہ حکومت عوام کی خدمت کے لیے پرعزم ہے۔ انہوں نے مزید کہا کہ ترقیاتی منصوبوں کو مقررہ وقت میں مکمل کیا جائے گا اور شفافیت کو یقینی بنایا جائے گا۔ اجلاس میں متعلقہ وزراء اور اعلیٰ حکام نے شرکت کی اور مختلف امور پر تفصیلی بریفنگ دی گئی۔ پاکستان نے کہا ہے کہ خطے میں امن و استحکام کے لیے تمام فریقین کو ذمہ دارانہ کردار ادا کرنا ہوگا۔ وزیراعظم نے اجلاس کے دوران ملکی معیشت، توانائی کے بحران اور عوامی مسائل کے حل کے لیے فوری اقدامات کی ہدایت کی اور کہا کہ حکومت عوام کی خدمت کے لیے پرعزم ہے۔ انہوں نے مزید کہا کہ ترقیاتی منصوبوں کو مقررہ وقت میں مکمل کیا جائے گا اور شفافیت کو یقینی بنایا جائے گا۔ اجلاس میں متعلقہ وزراء اور اعلیٰ حکام نے شرکت کی اور مختلف امور پر تفصیلی بریفنگ دی گئی۔
بقیہ 21
ٹی ٹو کروز ماسٹر
پاکستان نے کہا ہے کہ خطے میں امن و استحکام کے لیے تمام فریقین کو ذمہ دارانہ کردار ادا کرنا ہوگا۔ وزیراعظم نے اجلاس کے دوران ملکی معیشت، توانائی کے بحران اور عوامی مسائل کے حل کے لیے فوری اقدامات کی ہدایت کی اور کہا کہ حکومت عوام کی خدمت کے لیے پرعزم ہے۔ انہوں نے مزید کہا کہ ترقیاتی منصوبوں کو مقررہ وقت میں مکمل کیا جائے گا اور شفافیت کو یقینی بنایا جائے گا۔ اجلاس میں متعلقہ وزراء اور اعلیٰ حکام نے شرکت کی اور مختلف امور پر تفصیلی بریفنگ دی گئی۔ پاکستان نے کہا ہے کہ خطے میں امن و استحکام کے لیے تمام فریقین کو ذمہ دارانہ کردار ادا کرنا ہوگا۔ وزیراعظم نے اجلاس کے دوران ملکی معیشت، توانائی کے بحران اور عوامی مسائل کے حل کے لیے فوری اقدامات کی ہدایت کی اور کہا کہ حکومت عوام کی خدمت کے لیے پرعزم ہے۔ انہوں نے مزید کہا کہ ترقیاتی منصوبوں کو مقررہ وقت میں مکمل کیا جائے گا اور شفافیت کو یقینی بنایا جائے گا۔ اجلاس میں متعلقہ وزراء اور اعلیٰ حکام نے شرکت کی اور مختلف امور پر تفصیلی بریفنگ دی گئی۔
بقیہ 22
پچپ
پاکستان نے کہا ہے کہ خطے میں امن و استحکام کے لیے تمام فریقین کو ذمہ دارانہ کردار ادا کرنا ہوگا۔ وزیراعظم نے اجلاس کے دوران ملکی معیشت، توانائی کے بحران اور عوامی مسائل کے حل کے لیے فوری اقدامات کی ہدایت کی اور کہا کہ حکومت عوام کی خدمت کے لیے پرعزم ہے۔ انہوں نے مزید کہا کہ ترقیاتی منصوبوں کو مقررہ وقت میں مکمل کیا جائے گا اور شفافیت کو یقینی بنایا جائے گا۔ اجلاس میں متعلقہ وزراء اور اعلیٰ حکام نے شرکت کی اور مختلف امور پر تفصیلی بریفنگ دی گئی۔ پاکستان نے کہا ہے کہ خطے میں امن و استحکام کے لیے تمام فریقین کو ذمہ دارانہ کردار ادا کرنا ہوگا۔ وزیراعظم نے اجلاس کے دوران ملکی معیشت، توانائی کے بحران اور عوامی مسائل کے حل کے لیے فوری اقدامات کی ہدایت کی اور کہا کہ حکومت عوام کی خدمت کے لیے پرعزم ہے۔ انہوں نے مزید کہا کہ ترقیاتی منصوبوں کو مقررہ وقت میں مکمل کیا جائے گا اور شفافیت کو یقینی بنایا جائے گا۔ اجلاس میں متعلقہ وزراء اور اعلیٰ حکام نے شرکت کی اور مختلف امور پر تفصیلی بریفنگ دی گئی۔
بقیہ 23
آئی ایم ایف
پاکستان نے کہا ہے کہ خطے میں امن و استحکام کے لیے تمام فریقین کو ذمہ دارانہ کردار ادا کرنا ہوگا۔ وزیراعظم نے اجلاس کے دوران ملکی معیشت، توانائی کے بحران اور عوامی مسائل کے حل کے لیے فوری اقدامات کی ہدایت کی اور کہا کہ حکومت عوام کی خدمت کے لیے پرعزم ہے۔ انہوں نے مزید کہا کہ ترقیاتی منصوبوں کو مقررہ وقت میں مکمل کیا جائے گا اور شفافیت کو یقینی بنایا جائے گا۔ اجلاس میں متعلقہ وزراء اور اعلیٰ حکام نے شرکت کی اور مختلف امور پر تفصیلی بریفنگ دی گئی۔ پاکستان نے کہا ہے کہ خطے میں امن و استحکام کے لیے تمام فریقین کو ذمہ دارانہ کردار ادا کرنا ہوگا۔ وزیراعظم نے اجلاس کے دوران ملکی معیشت، توانائی کے بحران اور عوامی مسائل کے حل کے لیے فوری اقدامات کی ہدایت کی اور کہا کہ حکومت عوام کی خدمت کے لیے پرعزم ہے۔ انہوں نے مزید کہا کہ ترقیاتی منصوبوں کو مقررہ وقت میں مکمل کیا جائے گا اور شفافیت کو یقینی بنایا جائے گا۔ اجلاس میں متعلقہ وزراء اور اعلیٰ حکام نے شرکت کی اور مختلف امور پر تفصیلی بریفنگ دی گئی۔
بقیہ 24
چیف جسٹس
پاکستان نے کہا ہے کہ خطے میں امن و استحکام کے لیے تمام فریقین کو ذمہ دارانہ کردار ادا کرنا ہوگا۔ وزیراعظم نے اجلاس کے دوران ملکی معیشت، توانائی کے بحران اور عوامی مسائل کے حل کے لیے فوری اقدامات کی ہدایت کی اور کہا کہ حکومت عوام کی خدمت کے لیے پرعزم ہے۔ انہوں نے مزید کہا کہ ترقیاتی منصوبوں کو مقررہ وقت میں مکمل کیا جائے گا اور شفافیت کو یقینی بنایا جائے گا۔ اجلاس میں متعلقہ وزراء اور اعلیٰ حکام نے شرکت کی اور مختلف امور پر تفصیلی بریفنگ دی گئی۔ پاکستان نے کہا ہے کہ خطے میں امن و استحکام کے لیے تمام فریقین کو ذمہ دارانہ کردار ادا کرنا ہوگا۔ وزیراعظم نے اجلاس کے دوران ملکی معیشت، توانائی کے بحران اور عوامی مسائل کے حل کے لیے فوری اقدامات کی ہدایت کی اور کہا کہ حکومت عوام کی خدمت کے لیے پرعزم ہے۔ انہوں نے مزید کہا کہ ترقیاتی منصوبوں کو مقررہ وقت میں مکمل کیا جائے گا اور شفافیت کو یقینی بنایا جائے گا۔ اجلاس میں متعلقہ وزراء اور اعلیٰ حکام نے شرکت کی اور مختلف امور پر تفصیلی بریفنگ دی گئی۔
بقیہ 25
ریلیاں
پاکستان نے کہا ہے کہ خطے میں امن و استحکام کے لیے تمام فریقین کو ذمہ دارانہ کردار ادا کرنا ہوگا۔ وزیراعظم نے اجلاس کے دوران ملکی معیشت، توانائی کے بحران اور عوامی مسائل کے حل کے لیے فوری اقدامات کی ہدایت کی اور کہا کہ حکومت عوام کی خدمت کے لیے پرعزم ہے۔ انہوں نے مزید کہا کہ ترقیاتی منصوبوں کو مقررہ وقت میں مکمل کیا جائے گا اور شفافیت کو یقینی بنایا جائے گا۔ اجلاس میں متعلقہ وزراء اور اعلیٰ حکام نے شرکت کی اور مختلف امور پر تفصیلی بریفنگ دی گئی۔ پاکستان نے کہا ہے کہ خطے میں امن و استحکام کے لیے تمام فریقین کو ذمہ دارانہ کردار ادا کرنا ہوگا۔ وزیراعظم نے اجلاس کے دوران ملکی معیشت، توانائی کے بحران اور عوامی مسائل کے حل کے لیے فوری اقدامات کی ہدایت کی اور کہا کہ حکومت عوام کی خدمت کے لیے پرعزم ہے۔ انہوں نے مزید کہا کہ ترقیاتی منصوبوں کو مقررہ وقت میں مکمل کیا جائے گا اور شفافیت کو یقینی بنایا جائے گا۔ اجلاس میں متعلقہ وزراء اور اعلیٰ حکام نے شرکت کی اور مختلف امور پر تفصیلی بریفنگ دی گئی۔
بقیہ 26
گندا ہوا
پاکستان نے کہا ہے کہ خطے میں امن و استحکام کے لیے تمام فریقین کو ذمہ دارانہ کردار ادا کرنا ہوگا۔ وزیراعظم نے اجلاس کے دوران ملکی معیشت، توانائی کے بحران اور عوامی مسائل کے حل کے لیے فوری اقدامات کی ہدایت کی اور کہا کہ حکومت عوام کی خدمت کے لیے پرعزم ہے۔ انہوں نے مزید کہا کہ ترقیاتی منصوبوں کو مقررہ وقت میں مکمل کیا جائے گا اور شفافیت کو یقینی بنایا جائے گا۔ اجلاس میں متعلقہ وزراء اور اعلیٰ حکام نے شرکت کی اور مختلف امور پر تفصیلی بریفنگ دی گئی۔ پاکستان نے کہا ہے کہ خطے میں امن و استحکام کے لیے تمام فریقین کو ذمہ دارانہ کردار ادا کرنا ہوگا۔ وزیراعظم نے اجلاس کے دوران ملکی معیشت، توانائی کے بحران اور عوامی مسائل کے حل کے لیے فوری اقدامات کی ہدایت کی اور کہا کہ حکومت عوام کی خدمت کے لیے پرعزم ہے۔ انہوں نے مزید کہا کہ ترقیاتی منصوبوں کو مقررہ وقت میں مکمل کیا جائے گا اور شفافیت کو یقینی بنایا جائے گا۔ اجلاس میں متعلقہ وزراء اور اعلیٰ حکام نے شرکت کی اور مختلف امور پر تفصیلی بریفنگ دی گئی۔
بقیہ 27
ڈاکے
پاکستان نے کہا ہے کہ خطے میں امن و استحکام کے لیے تمام فریقین کو ذمہ دارانہ کردار ادا کرنا ہوگا۔ وزیراعظم نے اجلاس کے دوران ملکی معیشت، توانائی کے بحران اور عوامی مسائل کے حل کے لیے فوری اقدامات کی ہدایت کی اور کہا کہ حکومت عوام کی خدمت کے لیے پرعزم ہے۔ انہوں نے مزید کہا کہ ترقیاتی منصوبوں کو مقررہ وقت میں مکمل کیا جائے گا اور شفافیت کو یقینی بنایا جائے گا۔ اجلاس میں متعلقہ وزراء اور اعلیٰ حکام نے شرکت کی اور مختلف امور پر تفصیلی بریفنگ دی گئی۔
بقیہ 28
امریکی حقیقیت یابیاں
پاکستان نے کہا ہے کہ خطے میں امن و استحکام کے لیے تمام فریقین کو ذمہ دارانہ کردار ادا کرنا ہوگا۔ وزیراعظم نے اجلاس کے دوران ملکی معیشت، توانائی کے بحران اور عوامی مسائل کے حل کے لیے فوری اقدامات کی ہدایت کی اور کہا کہ حکومت عوام کی خدمت کے لیے پرعزم ہے۔ انہوں نے مزید کہا کہ ترقیاتی منصوبوں کو مقررہ وقت میں مکمل کیا جائے گا اور شفافیت کو یقینی بنایا جائے گا۔ اجلاس میں متعلقہ وزراء اور اعلیٰ حکام نے شرکت کی اور مختلف امور پر تفصیلی بریفنگ دی گئی۔
بقیہ 29
بندرگاہ
پاکستان نے کہا ہے کہ خطے میں امن و استحکام کے لیے تمام فریقین کو ذمہ دارانہ کردار ادا کرنا ہوگا۔ وزیراعظم نے اجلاس کے دوران ملکی معیشت، توانائی کے بحران اور عوامی مسائل کے حل کے لیے فوری اقدامات کی ہدایت کی اور کہا کہ حکومت عوام کی خدمت کے لیے پرعزم ہے۔ انہوں نے مزید کہا کہ ترقیاتی منصوبوں کو مقررہ وقت میں مکمل کیا جائے گا اور شفافیت کو یقینی بنایا جائے گا۔ اجلاس میں متعلقہ وزراء اور اعلیٰ حکام نے شرکت کی اور مختلف امور پر تفصیلی بریفنگ دی گئی۔
بقیہ 30
چانی
پاکستان نے کہا ہے کہ خطے میں امن و استحکام کے لیے تمام فریقین کو ذمہ دارانہ کردار ادا کرنا ہوگا۔ وزیراعظم نے اجلاس کے دوران ملکی معیشت، توانائی کے بحران اور عوامی مسائل کے حل کے لیے فوری اقدامات کی ہدایت کی اور کہا کہ حکومت عوام کی خدمت کے لیے پرعزم ہے۔ انہوں نے مزید کہا کہ ترقیاتی منصوبوں کو مقررہ وقت میں مکمل کیا جائے گا اور شفافیت کو یقینی بنایا جائے گا۔ اجلاس میں متعلقہ وزراء اور اعلیٰ حکام نے شرکت کی اور مختلف امور پر تفصیلی بریفنگ دی گئی۔
صفحہ 3 بقیہ 1
افغان نوجوان
پاکستان نے کہا ہے کہ خطے میں امن و استحکام کے لیے تمام فریقین کو ذمہ دارانہ کردار ادا کرنا ہوگا۔ وزیراعظم نے اجلاس کے دوران ملکی معیشت، توانائی کے بحران اور عوامی مسائل کے حل کے لیے فوری اقدامات کی ہدایت کی اور کہا کہ حکومت عوام کی خدمت کے لیے پرعزم ہے۔ انہوں نے مزید کہا کہ ترقیاتی منصوبوں کو مقررہ وقت میں مکمل کیا جائے گا اور شفافیت کو یقینی بنایا جائے گا۔ اجلاس میں متعلقہ وزراء اور اعلیٰ حکام نے شرکت کی اور مختلف امور پر تفصیلی بریفنگ دی گئی۔
صفحہ 3 بقیہ 2
پارلیمانی ڈاکٹری
پاکستان نے کہا ہے کہ خطے میں امن و استحکام کے لیے تمام فریقین کو ذمہ دارانہ کردار ادا کرنا ہوگا۔ وزیراعظم نے اجلاس کے دوران ملکی معیشت، توانائی کے بحران اور عوامی مسائل کے حل کے لیے فوری اقدامات کی ہدایت کی اور کہا کہ حکومت عوام کی خدمت کے لیے پرعزم ہے۔ انہوں نے مزید کہا کہ ترقیاتی منصوبوں کو مقررہ وقت میں مکمل کیا جائے گا اور شفافیت کو یقینی بنایا جائے گا۔ اجلاس میں متعلقہ وزراء اور اعلیٰ حکام نے شرکت کی اور مختلف امور پر تفصیلی بریفنگ دی گئی۔
صفحہ 3 بقیہ 3
چیئرمین واپڈا
پاکستان نے کہا ہے کہ خطے میں امن و استحکام کے لیے تمام فریقین کو ذمہ دارانہ کردار ادا کرنا ہوگا۔ وزیراعظم نے اجلاس کے دوران ملکی معیشت، توانائی کے بحران اور عوامی مسائل کے حل کے لیے فوری اقدامات کی ہدایت کی اور کہا کہ حکومت عوام کی خدمت کے لیے پرعزم ہے۔ انہوں نے مزید کہا کہ ترقیاتی منصوبوں کو مقررہ وقت میں مکمل کیا جائے گا اور شفافیت کو یقینی بنایا جائے گا۔ اجلاس میں متعلقہ وزراء اور اعلیٰ حکام نے شرکت کی اور مختلف امور پر تفصیلی بریفنگ دی گئی۔
صفحہ 3 بقیہ 4
بندرگاہیں
پاکستان نے کہا ہے کہ خطے میں امن و استحکام کے لیے تمام فریقین کو ذمہ دارانہ کردار ادا کرنا ہوگا۔ وزیراعظم نے اجلاس کے دوران ملکی معیشت، توانائی کے بحران اور عوامی مسائل کے حل کے لیے فوری اقدامات کی ہدایت کی اور کہا کہ حکومت عوام کی خدمت کے لیے پرعزم ہے۔ انہوں نے مزید کہا کہ ترقیاتی منصوبوں کو مقررہ وقت میں مکمل کیا جائے گا اور شفافیت کو یقینی بنایا جائے گا۔ اجلاس میں متعلقہ وزراء اور اعلیٰ حکام نے شرکت کی اور مختلف امور پر تفصیلی بریفنگ دی گئی۔
صفحہ 3 بقیہ 5
فاک کروز
پاکستان نے کہا ہے کہ خطے میں امن و استحکام کے لیے تمام فریقین کو ذمہ دارانہ کردار ادا کرنا ہوگا۔ وزیراعظم نے اجلاس کے دوران ملکی معیشت، توانائی کے بحران اور عوامی مسائل کے حل کے لیے فوری اقدامات کی ہدایت کی اور کہا کہ حکومت عوام کی خدمت کے لیے پرعزم ہے۔ انہوں نے مزید کہا کہ ترقیاتی منصوبوں کو مقررہ وقت میں مکمل کیا جائے گا اور شفافیت کو یقینی بنایا جائے گا۔ اجلاس میں متعلقہ وزراء اور اعلیٰ حکام نے شرکت کی اور مختلف امور پر تفصیلی بریفنگ دی گئی۔
صفحہ 3 بقیہ 6
نواب جرگا
پاکستان نے کہا ہے کہ خطے میں امن و استحکام کے لیے تمام فریقین کو ذمہ دارانہ کردار ادا کرنا ہوگا۔ وزیراعظم نے اجلاس کے دوران ملکی معیشت، توانائی کے بحران اور عوامی مسائل کے حل کے لیے فوری اقدامات کی ہدایت کی اور کہا کہ حکومت عوام کی خدمت کے لیے پرعزم ہے۔ انہوں نے مزید کہا کہ ترقیاتی منصوبوں کو مقررہ وقت میں مکمل کیا جائے گا اور شفافیت کو یقینی بنایا جائے گا۔ اجلاس میں متعلقہ وزراء اور اعلیٰ حکام نے شرکت کی اور مختلف امور پر تفصیلی بریفنگ دی گئی۔
صفحہ 3 بقیہ 7
فاطمہ بھٹو
پاکستان نے کہا ہے کہ خطے میں امن و استحکام کے لیے تمام فریقین کو ذمہ دارانہ کردار ادا کرنا ہوگا۔ وزیراعظم نے اجلاس کے دوران ملکی معیشت، توانائی کے بحران اور عوامی مسائل کے حل کے لیے فوری اقدامات کی ہدایت کی اور کہا کہ حکومت عوام کی خدمت کے لیے پرعزم ہے۔ انہوں نے مزید کہا کہ ترقیاتی منصوبوں کو مقررہ وقت میں مکمل کیا جائے گا اور شفافیت کو یقینی بنایا جائے گا۔ اجلاس میں متعلقہ وزراء اور اعلیٰ حکام نے شرکت کی اور مختلف امور پر تفصیلی بریفنگ دی گئی۔
صفحہ 3 بقیہ 8
فرنوجنگ
پاکستان نے کہا ہے کہ خطے میں امن و استحکام کے لیے تمام فریقین کو ذمہ دارانہ کردار ادا کرنا ہوگا۔ وزیراعظم نے اجلاس کے دوران ملکی معیشت، توانائی کے بحران اور عوامی مسائل کے حل کے لیے فوری اقدامات کی ہدایت کی اور کہا کہ حکومت عوام کی خدمت کے لیے پرعزم ہے۔ انہوں نے مزید کہا کہ ترقیاتی منصوبوں کو مقررہ وقت میں مکمل کیا جائے گا اور شفافیت کو یقینی بنایا جائے گا۔ اجلاس میں متعلقہ وزراء اور اعلیٰ حکام نے شرکت کی اور مختلف امور پر تفصیلی بریفنگ دی گئی۔
صفحہ 3 بقیہ 10
کشمیر
پاکستان نے کہا ہے کہ خطے میں امن و استحکام کے لیے تمام فریقین کو ذمہ دارانہ کردار ادا کرنا ہوگا۔ وزیراعظم نے اجلاس کے دوران ملکی معیشت، توانائی کے بحران اور عوامی مسائل کے حل کے لیے فوری اقدامات کی ہدایت کی اور کہا کہ حکومت عوام کی خدمت کے لیے پرعزم ہے۔ انہوں نے مزید کہا کہ ترقیاتی منصوبوں کو مقررہ وقت میں مکمل کیا جائے گا اور شفافیت کو یقینی بنایا جائے گا۔ اجلاس میں متعلقہ وزراء اور اعلیٰ حکام نے شرکت کی اور مختلف امور پر تفصیلی بریفنگ دی گئی۔
صفحہ 3 بقیہ 11
بارش
پاکستان نے کہا ہے کہ خطے میں امن و استحکام کے لیے تمام فریقین کو ذمہ دارانہ کردار ادا کرنا ہوگا۔ وزیراعظم نے اجلاس کے دوران ملکی معیشت، توانائی کے بحران اور عوامی مسائل کے حل کے لیے فوری اقدامات کی ہدایت کی اور کہا کہ حکومت عوام کی خدمت کے لیے پرعزم ہے۔ انہوں نے مزید کہا کہ ترقیاتی منصوبوں کو مقررہ وقت میں مکمل کیا جائے گا اور شفافیت کو یقینی بنایا جائے گا۔ اجلاس میں متعلقہ وزراء اور اعلیٰ حکام نے شرکت کی اور مختلف امور پر تفصیلی بریفنگ دی گئی۔
صفحہ 3 بقیہ 12
تشدد کا نشانہ
پاکستان نے کہا ہے کہ خطے میں امن و استحکام کے لیے تمام فریقین کو ذمہ دارانہ کردار ادا کرنا ہوگا۔ وزیراعظم نے اجلاس کے دوران ملکی معیشت، توانائی کے بحران اور عوامی مسائل کے حل کے لیے فوری اقدامات کی ہدایت کی اور کہا کہ حکومت عوام کی خدمت کے لیے پرعزم ہے۔ انہوں نے مزید کہا کہ ترقیاتی منصوبوں کو مقررہ وقت میں مکمل کیا جائے گا اور شفافیت کو یقینی بنایا جائے گا۔ اجلاس میں متعلقہ وزراء اور اعلیٰ حکام نے شرکت کی اور مختلف امور پر تفصیلی بریفنگ دی گئی۔
صفحہ 3 بقیہ 13
بھٹی صدر ملاقات
پاکستان نے کہا ہے کہ خطے میں امن و استحکام کے لیے تمام فریقین کو ذمہ دارانہ کردار ادا کرنا ہوگا۔ وزیراعظم نے اجلاس کے دوران ملکی معیشت، توانائی کے بحران اور عوامی مسائل کے حل کے لیے فوری اقدامات کی ہدایت کی اور کہا کہ حکومت عوام کی خدمت کے لیے پرعزم ہے۔ انہوں نے مزید کہا کہ ترقیاتی منصوبوں کو مقررہ وقت میں مکمل کیا جائے گا اور شفافیت کو یقینی بنایا جائے گا۔ اجلاس میں متعلقہ وزراء اور اعلیٰ حکام نے شرکت کی اور مختلف امور پر تفصیلی بریفنگ دی گئی۔
صفحہ 3 بقیہ 14
مظاہرہ
پاکستان نے کہا ہے کہ خطے میں امن و استحکام کے لیے تمام فریقین کو ذمہ دارانہ کردار ادا کرنا ہوگا۔ وزیراعظم نے اجلاس کے دوران ملکی معیشت، توانائی کے بحران اور عوامی مسائل کے حل کے لیے فوری اقدامات کی ہدایت کی اور کہا کہ حکومت عوام کی خدمت کے لیے پرعزم ہے۔ انہوں نے مزید کہا کہ ترقیاتی منصوبوں کو مقررہ وقت میں مکمل کیا جائے گا اور شفافیت کو یقینی بنایا جائے گا۔ اجلاس میں متعلقہ وزراء اور اعلیٰ حکام نے شرکت کی اور مختلف امور پر تفصیلی بریفنگ دی گئی۔
صفحہ 3 بقیہ 15
تجارتی خسارہ
پاکستان نے کہا ہے کہ خطے میں امن و استحکام کے لیے تمام فریقین کو ذمہ دارانہ کردار ادا کرنا ہوگا۔ وزیراعظم نے اجلاس کے دوران ملکی معیشت، توانائی کے بحران اور عوامی مسائل کے حل کے لیے فوری اقدامات کی ہدایت کی اور کہا کہ حکومت عوام کی خدمت کے لیے پرعزم ہے۔ انہوں نے مزید کہا کہ ترقیاتی منصوبوں کو مقررہ وقت میں مکمل کیا جائے گا اور شفافیت کو یقینی بنایا جائے گا۔ اجلاس میں متعلقہ وزراء اور اعلیٰ حکام نے شرکت کی اور مختلف امور پر تفصیلی بریفنگ دی گئی۔
صفحہ 3 بقیہ 16
خواجہ آصف
پاکستان نے کہا ہے کہ خطے میں امن و استحکام کے لیے تمام فریقین کو ذمہ دارانہ کردار ادا کرنا ہوگا۔ وزیراعظم نے اجلاس کے دوران ملکی معیشت، توانائی کے بحران اور عوامی مسائل کے حل کے لیے فوری اقدامات کی ہدایت کی اور کہا کہ حکومت عوام کی خدمت کے لیے پرعزم ہے۔ انہوں نے مزید کہا کہ ترقیاتی منصوبوں کو مقررہ وقت میں مکمل کیا جائے گا اور شفافیت کو یقینی بنایا جائے گا۔ اجلاس میں متعلقہ وزراء اور اعلیٰ حکام نے شرکت کی اور مختلف امور پر تفصیلی بریفنگ دی گئی۔
صفحہ 3 بقیہ 17
نول پلازہ
پاکستان نے کہا ہے کہ خطے میں امن و استحکام کے لیے تمام فریقین کو ذمہ دارانہ کردار ادا کرنا ہوگا۔ وزیراعظم نے اجلاس کے دوران ملکی معیشت، توانائی کے بحران اور عوامی مسائل کے حل کے لیے فوری اقدامات کی ہدایت کی اور کہا کہ حکومت عوام کی خدمت کے لیے پرعزم ہے۔ انہوں نے مزید کہا کہ ترقیاتی منصوبوں کو مقررہ وقت میں مکمل کیا جائے گا اور شفافیت کو یقینی بنایا جائے گا۔ اجلاس میں متعلقہ وزراء اور اعلیٰ حکام نے شرکت کی اور مختلف امور پر تفصیلی بریفنگ دی گئی۔
صفحہ 3 بقیہ 18
افتخار
پاکستان نے کہا ہے کہ خطے میں امن و استحکام کے لیے تمام فریقین کو ذمہ دارانہ کردار ادا کرنا ہوگا۔ وزیراعظم نے اجلاس کے دوران ملکی معیشت، توانائی کے بحران اور عوامی مسائل کے حل کے لیے فوری اقدامات کی ہدایت کی اور کہا کہ حکومت عوام کی خدمت کے لیے پرعزم ہے۔ انہوں نے مزید کہا کہ ترقیاتی منصوبوں کو مقررہ وقت میں مکمل کیا جائے گا اور شفافیت کو یقینی بنایا جائے گا۔ اجلاس میں متعلقہ وزراء اور اعلیٰ حکام نے شرکت کی اور مختلف امور پر تفصیلی بریفنگ دی گئی۔
صفحہ 3 بقیہ 19
بلاول بھٹو
پاکستان نے کہا ہے کہ خطے میں امن و استحکام کے لیے تمام فریقین کو ذمہ دارانہ کردار ادا کرنا ہوگا۔ وزیراعظم نے اجلاس کے دوران ملکی معیشت، توانائی کے بحران اور عوامی مسائل کے حل کے لیے فوری اقدامات کی ہدایت کی اور کہا کہ حکومت عوام کی خدمت کے لیے پرعزم ہے۔ انہوں نے مزید کہا کہ ترقیاتی منصوبوں کو مقررہ وقت میں مکمل کیا جائے گا اور شفافیت کو یقینی بنایا جائے گا۔ اجلاس میں متعلقہ وزراء اور اعلیٰ حکام نے شرکت کی اور مختلف امور پر تفصیلی بریفنگ دی گئی۔ پاکستان نے کہا ہے کہ خطے میں امن و استحکام کے لیے تمام فریقین کو ذمہ دارانہ کردار ادا کرنا ہوگا۔ وزیراعظم نے اجلاس کے دوران ملکی معیشت، توانائی کے بحران اور عوامی مسائل کے حل کے لیے فوری اقدامات کی ہدایت کی اور کہا کہ حکومت عوام کی خدمت کے لیے پرعزم ہے۔ انہوں نے مزید کہا کہ ترقیاتی منصوبوں کو مقررہ وقت میں مکمل کیا جائے گا اور شفافیت کو یقینی بنایا جائے گا۔ اجلاس میں متعلقہ وزراء اور اعلیٰ حکام نے شرکت کی اور مختلف امور پر تفصیلی بریفنگ دی گئی۔
صفحہ 3 بقیہ 20
وزیرخزانہ
پاکستان نے کہا ہے کہ خطے میں امن و استحکام کے لیے تمام فریقین کو ذمہ دارانہ کردار ادا کرنا ہوگا۔ وزیراعظم نے اجلاس کے دوران ملکی معیشت، توانائی کے بحران اور عوامی مسائل کے حل کے لیے فوری اقدامات کی ہدایت کی اور کہا کہ حکومت عوام کی خدمت کے لیے پرعزم ہے۔ انہوں نے مزید کہا کہ ترقیاتی منصوبوں کو مقررہ وقت میں مکمل کیا جائے گا اور شفافیت کو یقینی بنایا جائے گا۔ اجلاس میں متعلقہ وزراء اور اعلیٰ حکام نے شرکت کی اور مختلف امور پر تفصیلی بریفنگ دی گئی۔ پاکستان نے کہا ہے کہ خطے میں امن و استحکام کے لیے تمام فریقین کو ذمہ دارانہ کردار ادا کرنا ہوگا۔ وزیراعظم نے اجلاس کے دوران ملکی معیشت، توانائی کے بحران اور عوامی مسائل کے حل کے لیے فوری اقدامات کی ہدایت کی اور کہا کہ حکومت عوام کی خدمت کے لیے پرعزم ہے۔ انہوں نے مزید کہا کہ ترقیاتی منصوبوں کو مقررہ وقت میں مکمل کیا جائے گا اور شفافیت کو یقینی بنایا جائے گا۔ اجلاس میں متعلقہ وزراء اور اعلیٰ حکام نے شرکت کی اور مختلف امور پر تفصیلی بریفنگ دی گئی۔
صفحہ 3 بقیہ 21
پاکستانی سفیر
پاکستان نے کہا ہے کہ خطے میں امن و استحکام کے لیے تمام فریقین کو ذمہ دارانہ کردار ادا کرنا ہوگا۔ وزیراعظم نے اجلاس کے دوران ملکی معیشت، توانائی کے بحران اور عوامی مسائل کے حل کے لیے فوری اقدامات کی ہدایت کی اور کہا کہ حکومت عوام کی خدمت کے لیے پرعزم ہے۔ انہوں نے مزید کہا کہ ترقیاتی منصوبوں کو مقررہ وقت میں مکمل کیا جائے گا اور شفافیت کو یقینی بنایا جائے گا۔ اجلاس میں متعلقہ وزراء اور اعلیٰ حکام نے شرکت کی اور مختلف امور پر تفصیلی بریفنگ دی گئی۔ پاکستان نے کہا ہے کہ خطے میں امن و استحکام کے لیے تمام فریقین کو ذمہ دارانہ کردار ادا کرنا ہوگا۔ وزیراعظم نے اجلاس کے دوران ملکی معیشت، توانائی کے بحران اور عوامی مسائل کے حل کے لیے فوری اقدامات کی ہدایت کی اور کہا کہ حکومت عوام کی خدمت کے لیے پرعزم ہے۔ انہوں نے مزید کہا کہ ترقیاتی منصوبوں کو مقررہ وقت میں مکمل کیا جائے گا اور شفافیت کو یقینی بنایا جائے گا۔ اجلاس میں متعلقہ وزراء اور اعلیٰ حکام نے شرکت کی اور مختلف امور پر تفصیلی بریفنگ دی گئی۔
صفحہ 3 بقیہ 22
احسن اقبال
پاکستان نے کہا ہے کہ خطے میں امن و استحکام کے لیے تمام فریقین کو ذمہ دارانہ کردار ادا کرنا ہوگا۔ وزیراعظم نے اجلاس کے دوران ملکی معیشت، توانائی کے بحران اور عوامی مسائل کے حل کے لیے فوری اقدامات کی ہدایت کی اور کہا کہ حکومت عوام کی خدمت کے لیے پرعزم ہے۔ انہوں نے مزید کہا کہ ترقیاتی منصوبوں کو مقررہ وقت میں مکمل کیا جائے گا اور شفافیت کو یقینی بنایا جائے گا۔ اجلاس میں متعلقہ وزراء اور اعلیٰ حکام نے شرکت کی اور مختلف امور پر تفصیلی بریفنگ دی گئی۔ پاکستان نے کہا ہے کہ خطے میں امن و استحکام کے لیے تمام فریقین کو ذمہ دارانہ کردار ادا کرنا ہوگا۔ وزیراعظم نے اجلاس کے دوران ملکی معیشت، توانائی کے بحران اور عوامی مسائل کے حل کے لیے فوری اقدامات کی ہدایت کی اور کہا کہ حکومت عوام کی خدمت کے لیے پرعزم ہے۔ انہوں نے مزید کہا کہ ترقیاتی منصوبوں کو مقررہ وقت میں مکمل کیا جائے گا اور شفافیت کو یقینی بنایا جائے گا۔ اجلاس میں متعلقہ وزراء اور اعلیٰ حکام نے شرکت کی اور مختلف امور پر تفصیلی بریفنگ دی گئی۔
صفحہ 3 بقیہ 23
پاکستان کرنسی
پاکستان نے کہا ہے کہ خطے میں امن و استحکام کے لیے تمام فریقین کو ذمہ دارانہ کردار ادا کرنا ہوگا۔ وزیراعظم نے اجلاس کے دوران ملکی معیشت، توانائی کے بحران اور عوامی مسائل کے حل کے لیے فوری اقدامات کی ہدایت کی اور کہا کہ حکومت عوام کی خدمت کے لیے پرعزم ہے۔ انہوں نے مزید کہا کہ ترقیاتی منصوبوں کو مقررہ وقت میں مکمل کیا جائے گا اور شفافیت کو یقینی بنایا جائے گا۔ اجلاس میں متعلقہ وزراء اور اعلیٰ حکام نے شرکت کی اور مختلف امور پر تفصیلی بریفنگ دی گئی۔ پاکستان نے کہا ہے کہ خطے میں امن و استحکام کے لیے تمام فریقین کو ذمہ دارانہ کردار ادا کرنا ہوگا۔ وزیراعظم نے اجلاس کے دوران ملکی معیشت، توانائی کے بحران اور عوامی مسائل کے حل کے لیے فوری اقدامات کی ہدایت کی اور کہا کہ حکومت عوام کی خدمت کے لیے پرعزم ہے۔ انہوں نے مزید کہا کہ ترقیاتی منصوبوں کو مقررہ وقت میں مکمل کیا جائے گا اور شفافیت کو یقینی بنایا جائے گا۔ اجلاس میں متعلقہ وزراء اور اعلیٰ حکام نے شرکت کی اور مختلف امور پر تفصیلی بریفنگ دی گئی۔
صفحہ 3 بقیہ 24
پاکستان چاٹ
پاکستان نے کہا ہے کہ خطے میں امن و استحکام کے لیے تمام فریقین کو ذمہ دارانہ کردار ادا کرنا ہوگا۔ وزیراعظم نے اجلاس کے دوران ملکی معیشت، توانائی کے بحران اور عوامی مسائل کے حل کے لیے فوری اقدامات کی ہدایت کی اور کہا کہ حکومت عوام کی خدمت کے لیے پرعزم ہے۔ انہوں نے مزید کہا کہ ترقیاتی منصوبوں کو مقررہ وقت میں مکمل کیا جائے گا اور شفافیت کو یقینی بنایا جائے گا۔ اجلاس میں متعلقہ وزراء اور اعلیٰ حکام نے شرکت کی اور مختلف امور پر تفصیلی بریفنگ دی گئی۔ پاکستان نے کہا ہے کہ خطے میں امن و استحکام کے لیے تمام فریقین کو ذمہ دارانہ کردار ادا کرنا ہوگا۔ وزیراعظم نے اجلاس کے دوران ملکی معیشت، توانائی کے بحران اور عوامی مسائل کے حل کے لیے فوری اقدامات کی ہدایت کی اور کہا کہ حکومت عوام کی خدمت کے لیے پرعزم ہے۔ انہوں نے مزید کہا کہ ترقیاتی منصوبوں کو مقررہ وقت میں مکمل کیا جائے گا اور شفافیت کو یقینی بنایا جائے گا۔ اجلاس میں متعلقہ وزراء اور اعلیٰ حکام نے شرکت کی اور مختلف امور پر تفصیلی بریفنگ دی گئی۔
صفحہ 3 بقیہ 25
ڈاکو بلاک
پاکستان نے کہا ہے کہ خطے میں امن و استحکام کے لیے تمام فریقین کو ذمہ دارانہ کردار ادا کرنا ہوگا۔ وزیراعظم نے اجلاس کے دوران ملکی معیشت، توانائی کے بحران اور عوامی مسائل کے حل کے لیے فوری اقدامات کی ہدایت کی اور کہا کہ حکومت عوام کی خدمت کے لیے پرعزم ہے۔ انہوں نے مزید کہا کہ ترقیاتی منصوبوں کو مقررہ وقت میں مکمل کیا جائے گا اور شفافیت کو یقینی بنایا جائے گا۔ اجلاس میں متعلقہ وزراء اور اعلیٰ حکام نے شرکت کی اور مختلف امور پر تفصیلی بریفنگ دی گئی۔ پاکستان نے کہا ہے کہ خطے میں امن و استحکام کے لیے تمام فریقین کو ذمہ دارانہ کردار ادا کرنا ہوگا۔ وزیراعظم نے اجلاس کے دوران ملکی معیشت، توانائی کے بحران اور عوامی مسائل کے حل کے لیے فوری اقدامات کی ہدایت کی اور کہا کہ حکومت عوام کی خدمت کے لیے پرعزم ہے۔ انہوں نے مزید کہا کہ ترقیاتی منصوبوں کو مقررہ وقت میں مکمل کیا جائے گا اور شفافیت کو یقینی بنایا جائے گا۔ اجلاس میں متعلقہ وزراء اور اعلیٰ حکام نے شرکت کی اور مختلف امور پر تفصیلی بریفنگ دی گئی۔
